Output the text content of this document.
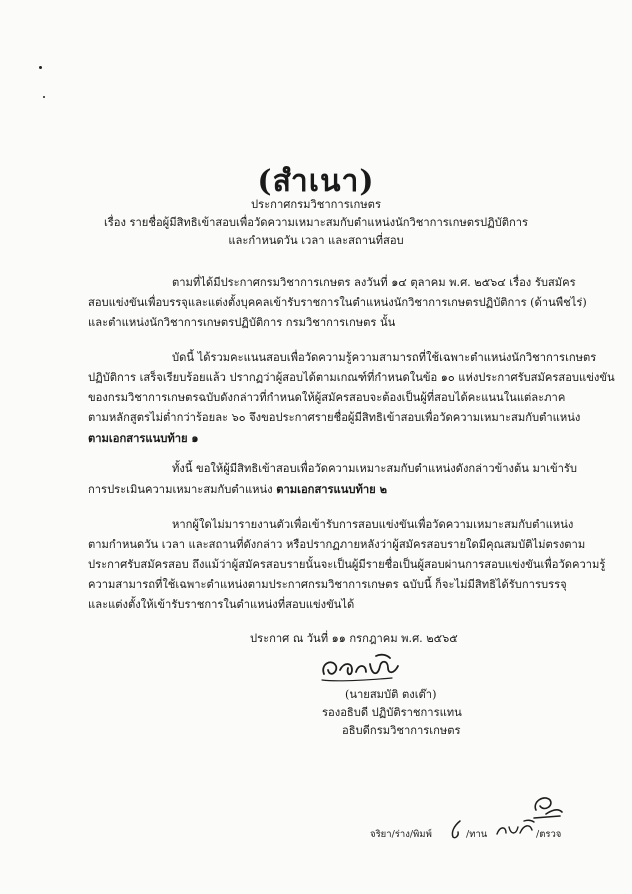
(สำเนา)
ประกาศกรมวิชาการเกษตร
เรื่อง รายชื่อผู้มีสิทธิเข้าสอบเพื่อวัดความเหมาะสมกับตำแหน่งนักวิชาการเกษตรปฏิบัติการ
และกำหนดวัน เวลา และสถานที่สอบ
ตามที่ได้มีประกาศกรมวิชาการเกษตร ลงวันที่ ๑๔ ตุลาคม พ.ศ. ๒๕๖๔ เรื่อง รับสมัคร
สอบแข่งขันเพื่อบรรจุและแต่งตั้งบุคคลเข้ารับราชการในตำแหน่งนักวิชาการเกษตรปฏิบัติการ (ด้านพืชไร่)
และตำแหน่งนักวิชาการเกษตรปฏิบัติการ กรมวิชาการเกษตร นั้น
บัดนี้ ได้รวมคะแนนสอบเพื่อวัดความรู้ความสามารถที่ใช้เฉพาะตำแหน่งนักวิชาการเกษตร
ปฏิบัติการ เสร็จเรียบร้อยแล้ว ปรากฏว่าผู้สอบได้ตามเกณฑ์ที่กำหนดในข้อ ๑๐ แห่งประกาศรับสมัครสอบแข่งขัน
ของกรมวิชาการเกษตรฉบับดังกล่าวที่กำหนดให้ผู้สมัครสอบจะต้องเป็นผู้ที่สอบได้คะแนนในแต่ละภาค
ตามหลักสูตรไม่ต่ำกว่าร้อยละ ๖๐ จึงขอประกาศรายชื่อผู้มีสิทธิเข้าสอบเพื่อวัดความเหมาะสมกับตำแหน่ง
ตามเอกสารแนบท้าย ๑
ทั้งนี้ ขอให้ผู้มีสิทธิเข้าสอบเพื่อวัดความเหมาะสมกับตำแหน่งดังกล่าวข้างต้น มาเข้ารับ
การประเมินความเหมาะสมกับตำแหน่ง ตามเอกสารแนบท้าย ๒
หากผู้ใดไม่มารายงานตัวเพื่อเข้ารับการสอบแข่งขันเพื่อวัดความเหมาะสมกับตำแหน่ง
ตามกำหนดวัน เวลา และสถานที่ดังกล่าว หรือปรากฏภายหลังว่าผู้สมัครสอบรายใดมีคุณสมบัติไม่ตรงตาม
ประกาศรับสมัครสอบ ถึงแม้ว่าผู้สมัครสอบรายนั้นจะเป็นผู้มีรายชื่อเป็นผู้สอบผ่านการสอบแข่งขันเพื่อวัดความรู้
ความสามารถที่ใช้เฉพาะตำแหน่งตามประกาศกรมวิชาการเกษตร ฉบับนี้ ก็จะไม่มีสิทธิได้รับการบรรจุ
และแต่งตั้งให้เข้ารับราชการในตำแหน่งที่สอบแข่งขันได้
ประกาศ ณ วันที่ ๑๑ กรกฎาคม พ.ศ. ๒๕๖๕
(นายสมบัติ ตงเต๊า)
รองอธิบดี ปฏิบัติราชการแทน
อธิบดีกรมวิชาการเกษตร
จริยา/ร่าง/พิมพ์	/ทาน	/ตรวจ
